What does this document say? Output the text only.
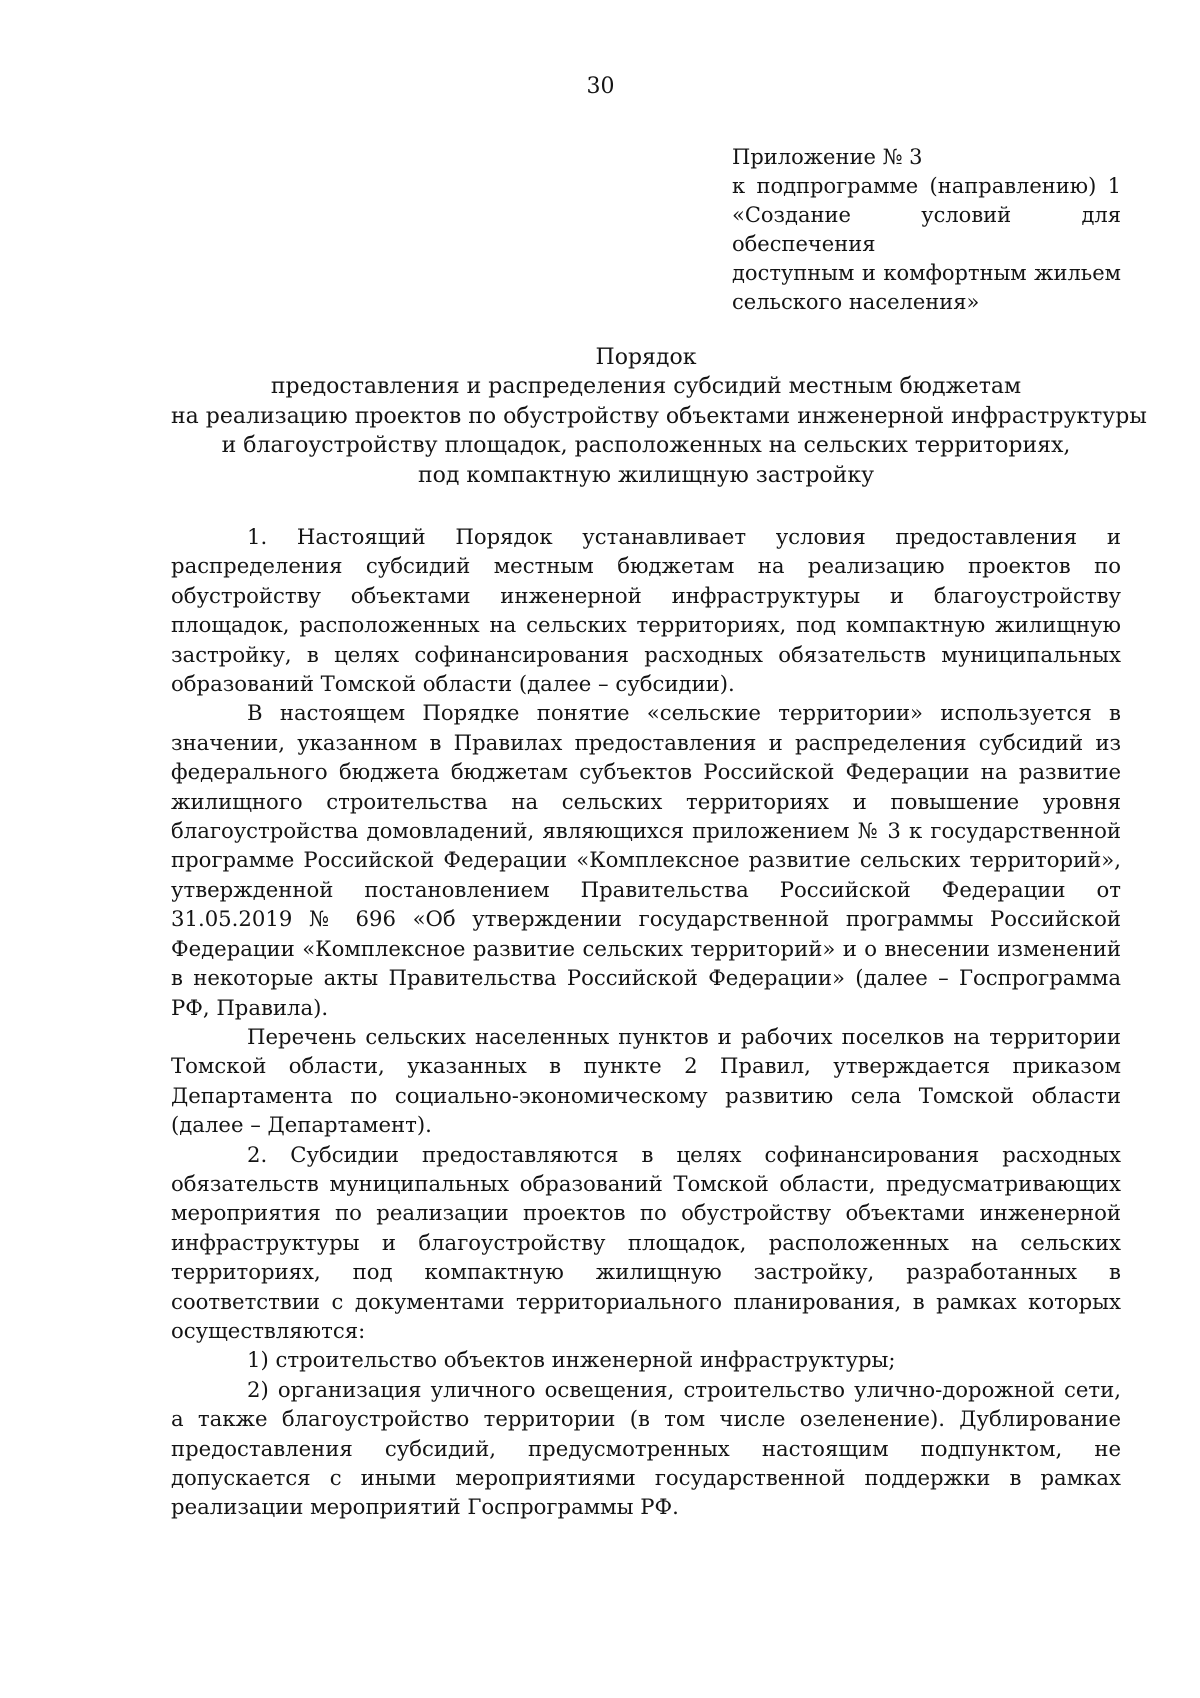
30
Приложение № 3
к подпрограмме (направлению) 1
«Создание условий для обеспечения
доступным и комфортным жильем
сельского населения»
Порядок
предоставления и распределения субсидий местным бюджетам
на реализацию проектов по обустройству объектами инженерной инфраструктуры
и благоустройству площадок, расположенных на сельских территориях,
под компактную жилищную застройку

1. Настоящий Порядок устанавливает условия предоставления и распределения субсидий местным бюджетам на реализацию проектов по обустройству объектами инженерной инфраструктуры и благоустройству площадок, расположенных на сельских территориях, под компактную жилищную застройку, в целях софинансирования расходных обязательств муниципальных образований Томской области (далее – субсидии).

В настоящем Порядке понятие «сельские территории» используется в значении, указанном в Правилах предоставления и распределения субсидий из федерального бюджета бюджетам субъектов Российской Федерации на развитие жилищного строительства на сельских территориях и повышение уровня благоустройства домовладений, являющихся приложением № 3 к государственной программе Российской Федерации «Комплексное развитие сельских территорий», утвержденной постановлением Правительства Российской Федерации от 31.05.2019 № 696 «Об утверждении государственной программы Российской Федерации «Комплексное развитие сельских территорий» и о внесении изменений в некоторые акты Правительства Российской Федерации» (далее – Госпрограмма РФ, Правила).

Перечень сельских населенных пунктов и рабочих поселков на территории Томской области, указанных в пункте 2 Правил, утверждается приказом Департамента по социально-экономическому развитию села Томской области (далее – Департамент).

2. Субсидии предоставляются в целях софинансирования расходных обязательств муниципальных образований Томской области, предусматривающих мероприятия по реализации проектов по обустройству объектами инженерной инфраструктуры и благоустройству площадок, расположенных на сельских территориях, под компактную жилищную застройку, разработанных в соответствии с документами территориального планирования, в рамках которых осуществляются:

1) строительство объектов инженерной инфраструктуры;

2) организация уличного освещения, строительство улично-дорожной сети, а также благоустройство территории (в том числе озеленение). Дублирование предоставления субсидий, предусмотренных настоящим подпунктом, не допускается с иными мероприятиями государственной поддержки в рамках реализации мероприятий Госпрограммы РФ.
